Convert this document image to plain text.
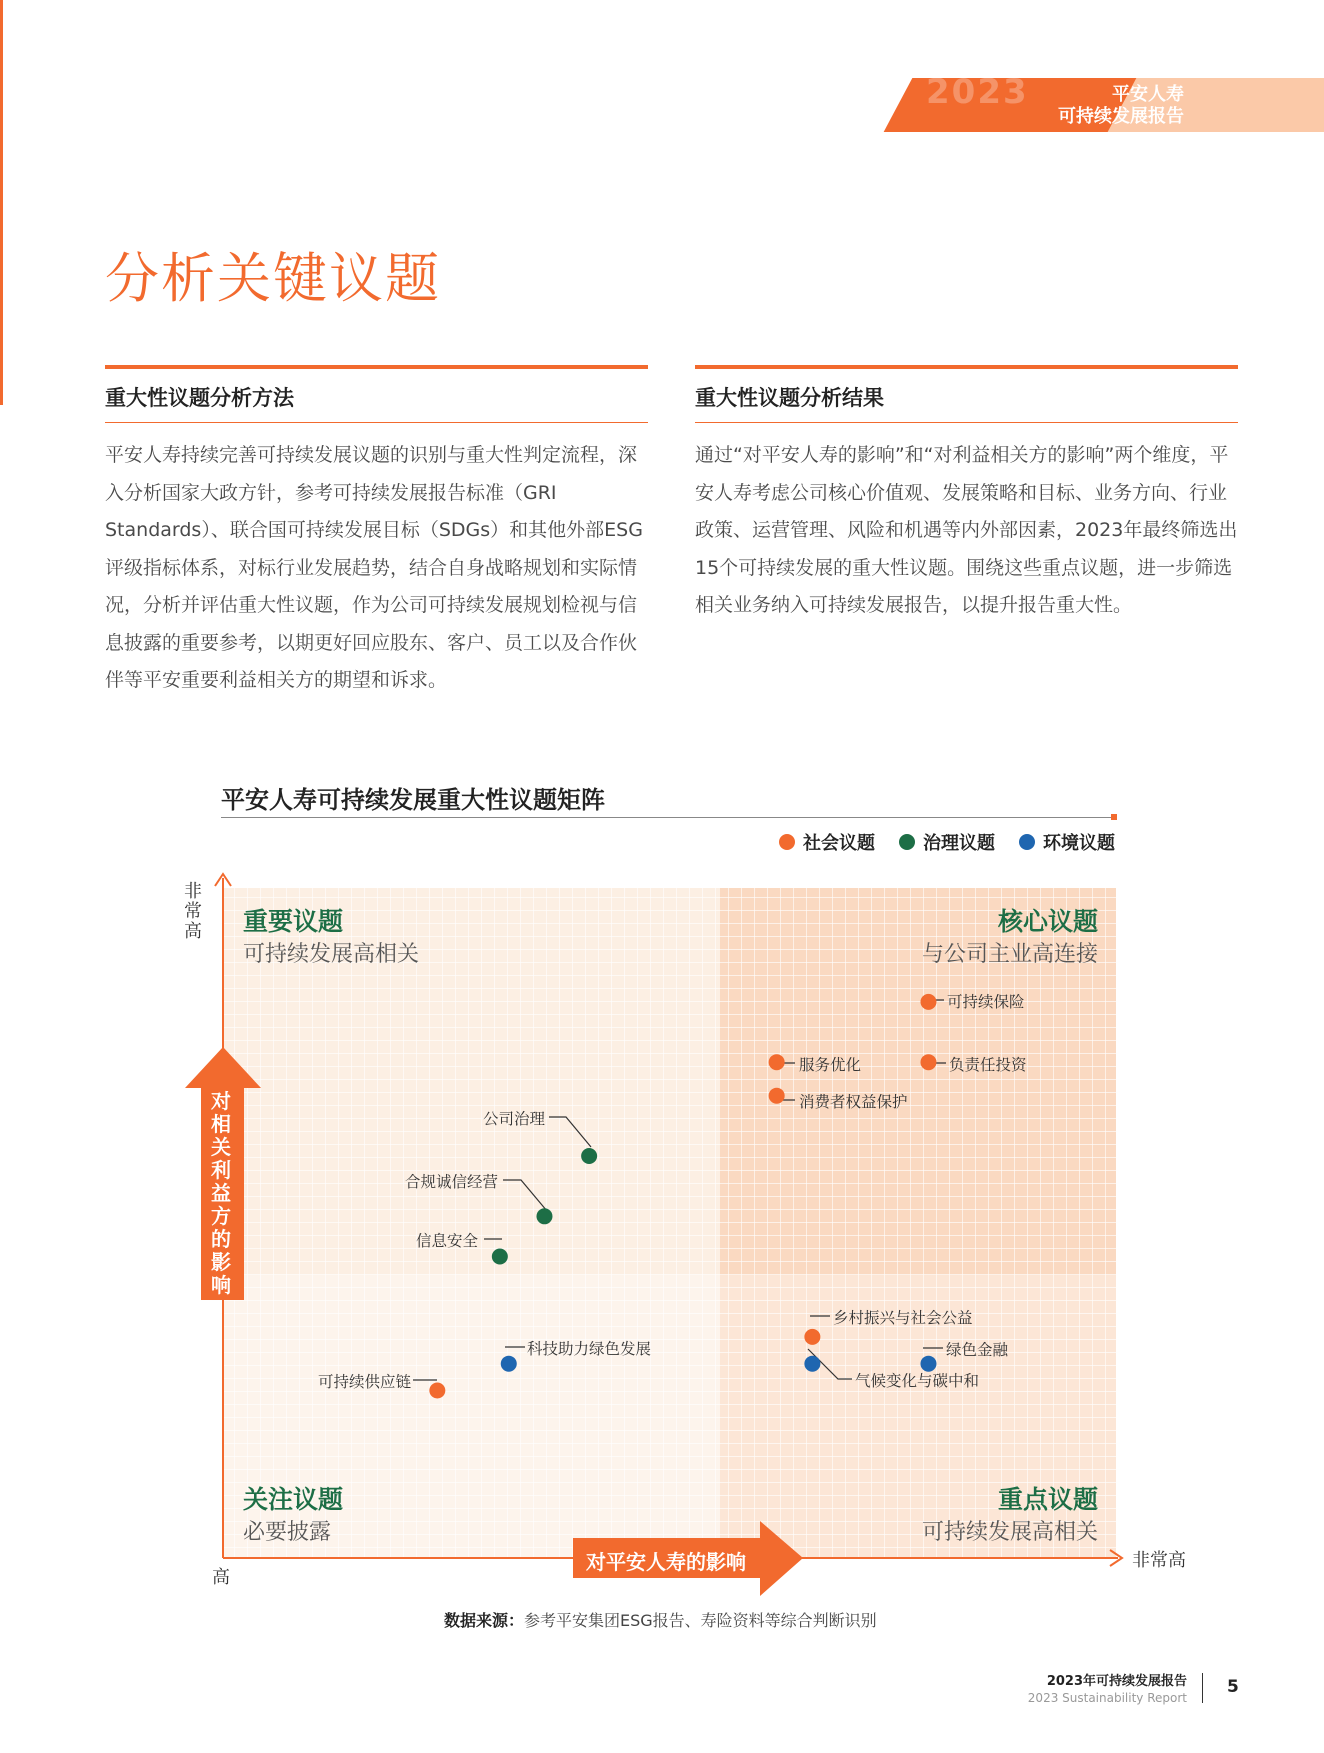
2023	平安人寿
可持续发展报告
分析关键议题
重大性议题分析方法

平安人寿持续完善可持续发展议题的识别与重大性判定流程，深入分析国家大政方针，参考可持续发展报告标准（GRI Standards）、联合国可持续发展目标（SDGs）和其他外部ESG评级指标体系，对标行业发展趋势，结合自身战略规划和实际情况，分析并评估重大性议题，作为公司可持续发展规划检视与信息披露的重要参考，以期更好回应股东、客户、员工以及合作伙伴等平安重要利益相关方的期望和诉求。

重大性议题分析结果

通过“对平安人寿的影响”和“对利益相关方的影响”两个维度，平安人寿考虑公司核心价值观、发展策略和目标、业务方向、行业政策、运营管理、风险和机遇等内外部因素，2023年最终筛选出15个可持续发展的重大性议题。围绕这些重点议题，进一步筛选相关业务纳入可持续发展报告，以提升报告重大性。

平安人寿可持续发展重大性议题矩阵
社会议题	治理议题	环境议题
非常高
高
非常高
对相关利益方的影响
对平安人寿的影响
重要议题
可持续发展高相关
核心议题
与公司主业高连接
关注议题
必要披露
重点议题
可持续发展高相关
可持续保险
服务优化	负责任投资
消费者权益保护
公司治理
合规诚信经营
信息安全
乡村振兴与社会公益
科技助力绿色发展
气候变化与碳中和
绿色金融
可持续供应链
数据来源：参考平安集团ESG报告、寿险资料等综合判断识别
2023年可持续发展报告
2023 Sustainability Report
5
